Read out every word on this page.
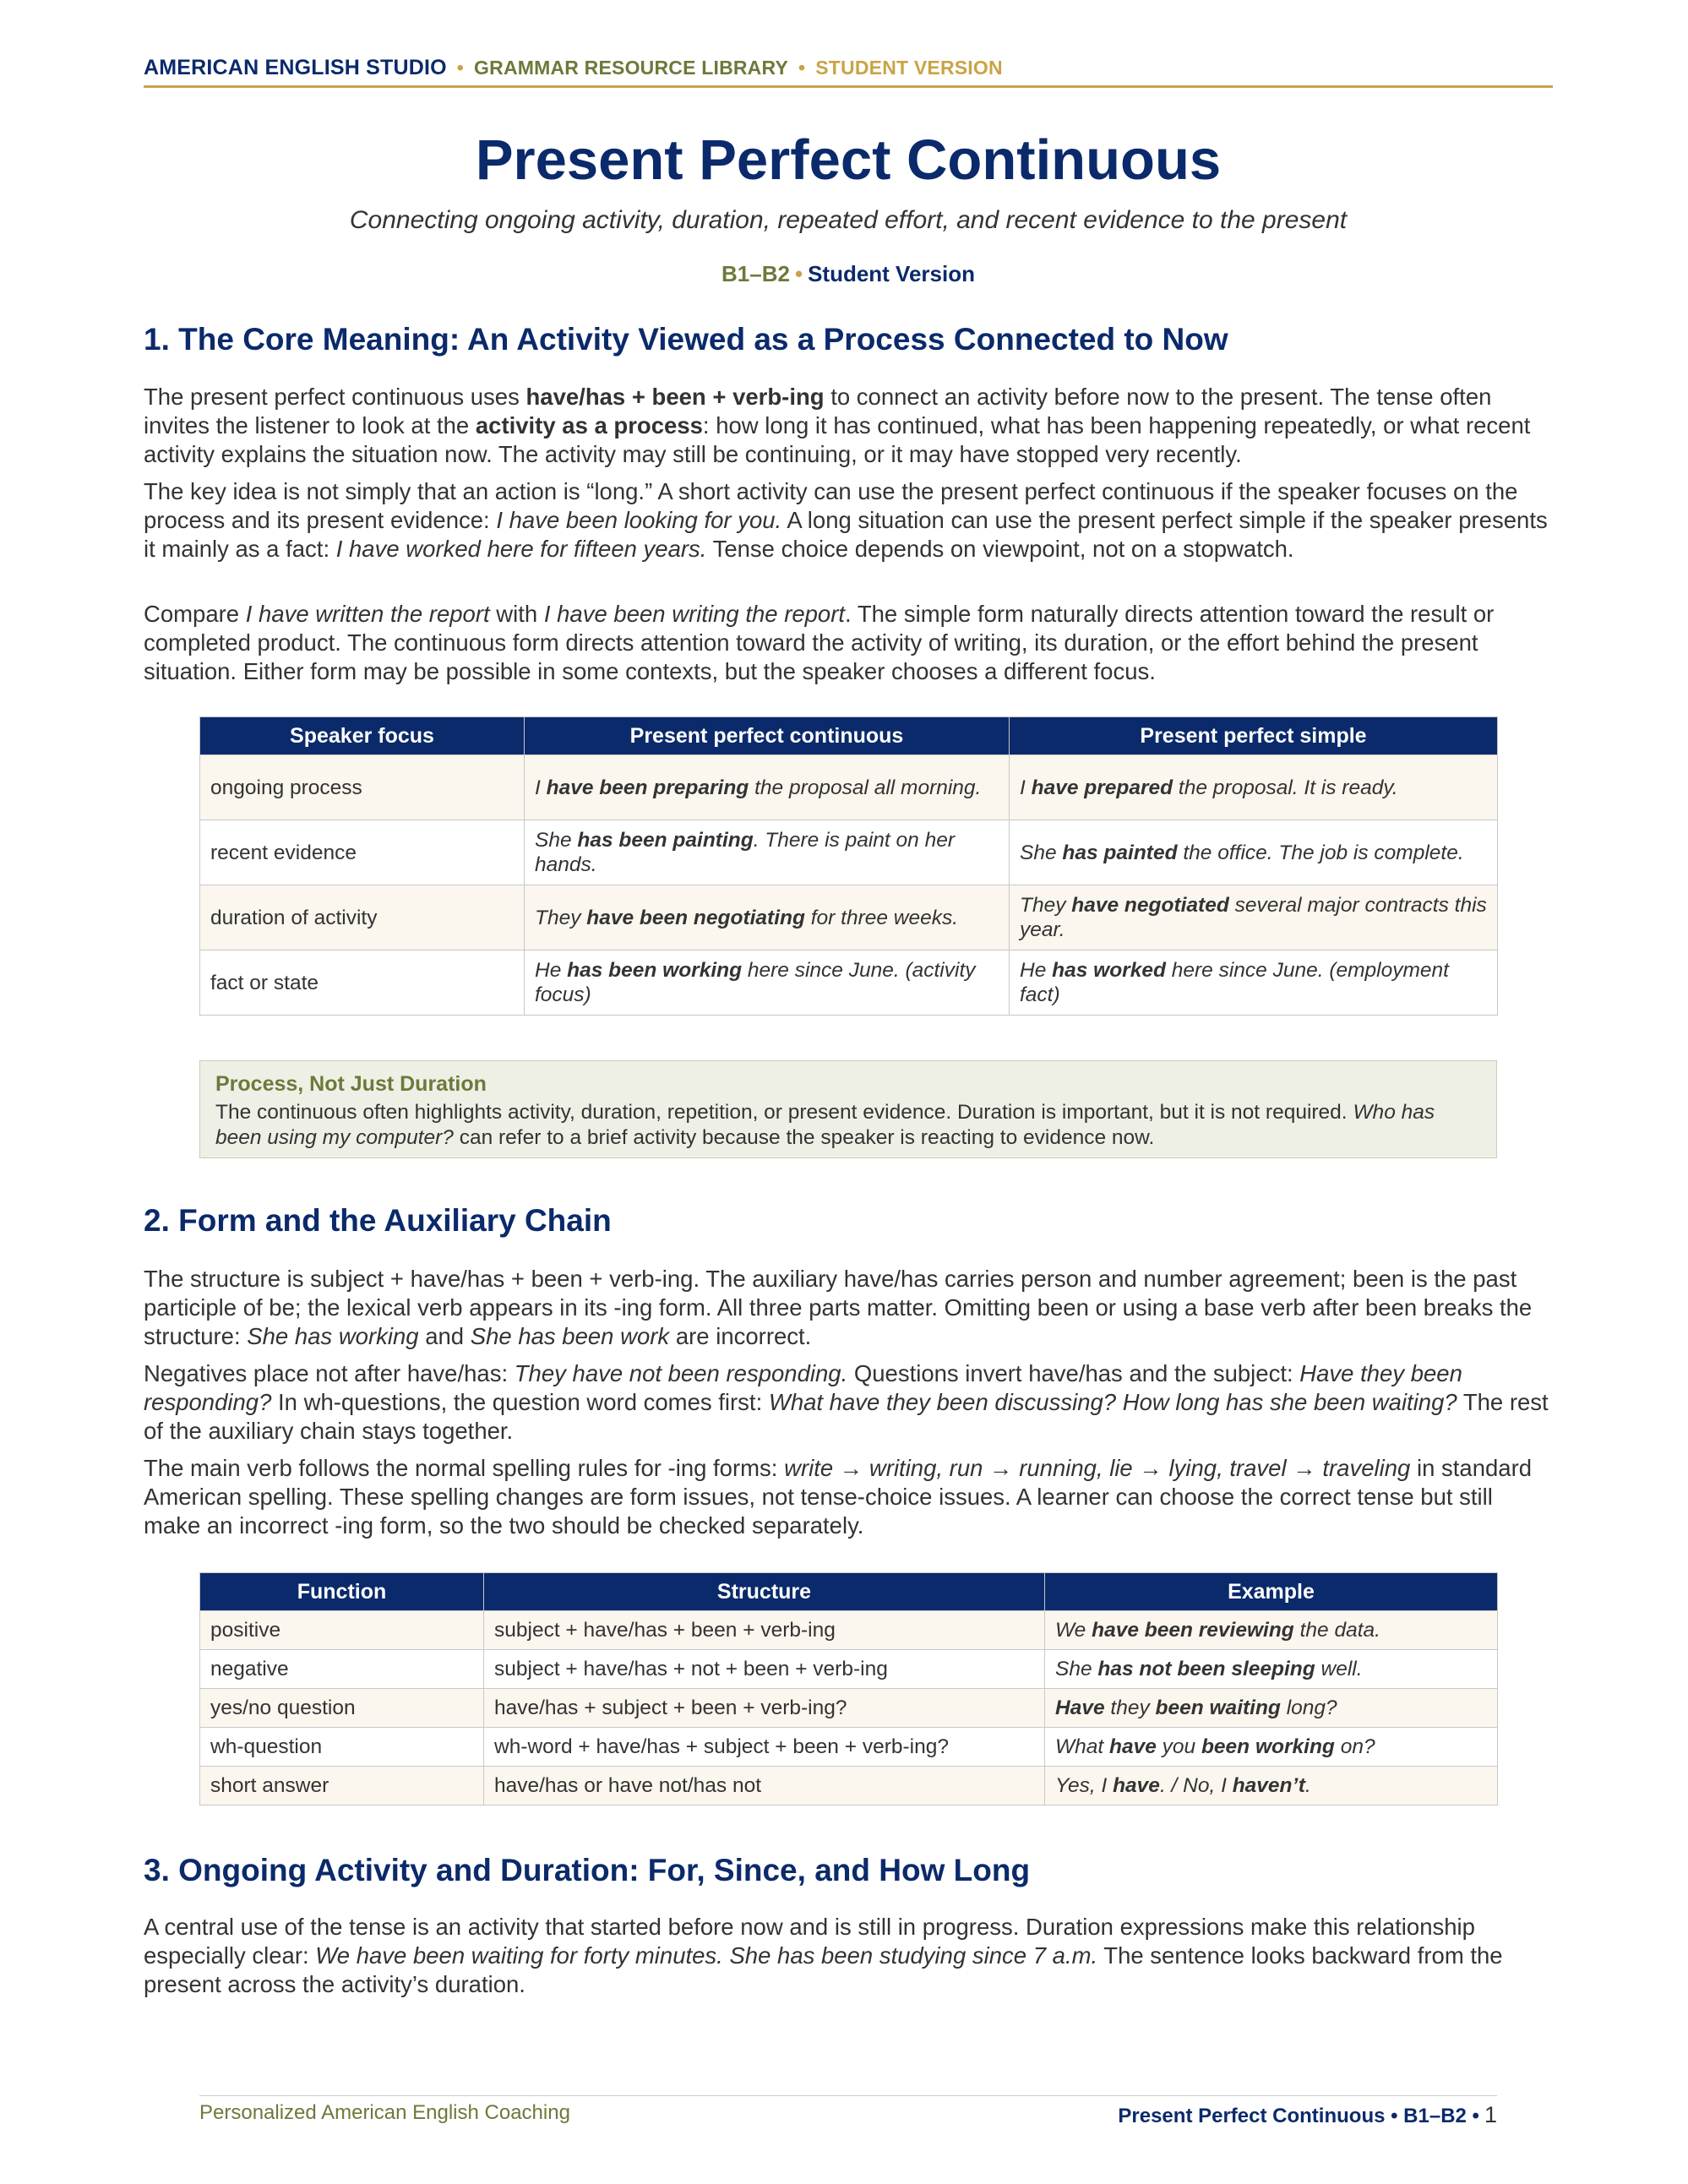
AMERICAN ENGLISH STUDIO • GRAMMAR RESOURCE LIBRARY • STUDENT VERSION
Present Perfect Continuous
Connecting ongoing activity, duration, repeated effort, and recent evidence to the present
B1–B2 • Student Version
1. The Core Meaning: An Activity Viewed as a Process Connected to Now

The present perfect continuous uses have/has + been + verb-ing to connect an activity before now to the present. The tense often invites the listener to look at the activity as a process: how long it has continued, what has been happening repeatedly, or what recent activity explains the situation now. The activity may still be continuing, or it may have stopped very recently.

The key idea is not simply that an action is “long.” A short activity can use the present perfect continuous if the speaker focuses on the process and its present evidence: I have been looking for you. A long situation can use the present perfect simple if the speaker presents it mainly as a fact: I have worked here for fifteen years. Tense choice depends on viewpoint, not on a stopwatch.

Compare I have written the report with I have been writing the report. The simple form naturally directs attention toward the result or completed product. The continuous form directs attention toward the activity of writing, its duration, or the effort behind the present situation. Either form may be possible in some contexts, but the speaker chooses a different focus.

Speaker focus	Present perfect continuous	Present perfect simple
ongoing process	I have been preparing the proposal all morning.	I have prepared the proposal. It is ready.
recent evidence	She has been painting. There is paint on her hands.	She has painted the office. The job is complete.
duration of activity	They have been negotiating for three weeks.	They have negotiated several major contracts this year.
fact or state	He has been working here since June. (activity focus)	He has worked here since June. (employment fact)
Process, Not Just Duration
The continuous often highlights activity, duration, repetition, or present evidence. Duration is important, but it is not required. Who has been using my computer? can refer to a brief activity because the speaker is reacting to evidence now.
2. Form and the Auxiliary Chain

The structure is subject + have/has + been + verb-ing. The auxiliary have/has carries person and number agreement; been is the past participle of be; the lexical verb appears in its -ing form. All three parts matter. Omitting been or using a base verb after been breaks the structure: She has working and She has been work are incorrect.

Negatives place not after have/has: They have not been responding. Questions invert have/has and the subject: Have they been responding? In wh-questions, the question word comes first: What have they been discussing? How long has she been waiting? The rest of the auxiliary chain stays together.

The main verb follows the normal spelling rules for -ing forms: write → writing, run → running, lie → lying, travel → traveling in standard American spelling. These spelling changes are form issues, not tense-choice issues. A learner can choose the correct tense but still make an incorrect -ing form, so the two should be checked separately.

Function	Structure	Example
positive	subject + have/has + been + verb-ing	We have been reviewing the data.
negative	subject + have/has + not + been + verb-ing	She has not been sleeping well.
yes/no question	have/has + subject + been + verb-ing?	Have they been waiting long?
wh-question	wh-word + have/has + subject + been + verb-ing?	What have you been working on?
short answer	have/has or have not/has not	Yes, I have. / No, I haven’t.
3. Ongoing Activity and Duration: For, Since, and How Long

A central use of the tense is an activity that started before now and is still in progress. Duration expressions make this relationship especially clear: We have been waiting for forty minutes. She has been studying since 7 a.m. The sentence looks backward from the present across the activity’s duration.

Personalized American English Coaching	Present Perfect Continuous • B1–B2 • 1
